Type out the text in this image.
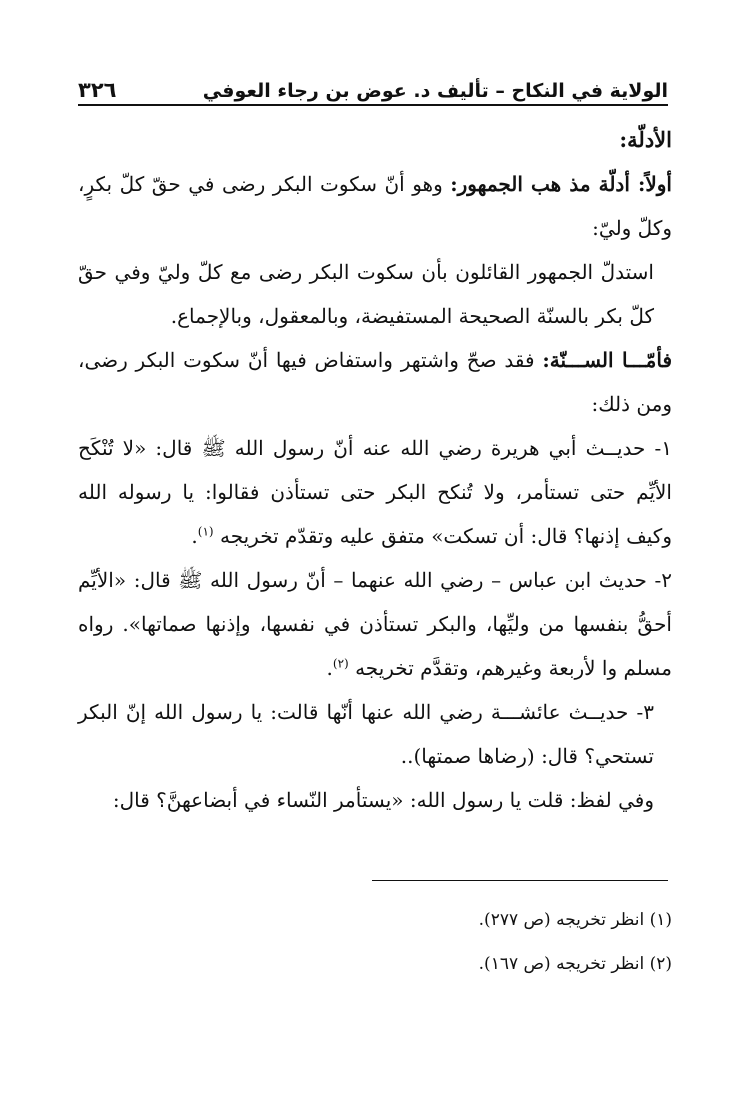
الولاية في النكاح – تأليف د. عوض بن رجاء العوفي
٣٢٦

الأدلّة:

أولاً: أدلّة مذ هب الجمهور: وهو أنّ سكوت البكر رضى في حقّ كلّ بكرٍ، وكلّ وليّ:

استدلّ الجمهور القائلون بأن سكوت البكر رضى مع كلّ وليّ وفي حقّ كلّ بكر بالسنّة الصحيحة المستفيضة، وبالمعقول، وبالإجماع.

فأمّـــا الســـنّة: فقد صحّ واشتهر واستفاض فيها أنّ سكوت البكر رضى، ومن ذلك:

١- حديــث أبي هريرة رضي الله عنه أنّ رسول الله ﷺ قال: «لا تُنْكَح الأيِّم حتى تستأمر، ولا تُنكح البكر حتى تستأذن فقالوا: يا رسوله الله وكيف إذنها؟ قال: أن تسكت» متفق عليه وتقدّم تخريجه $^{(١)}$.

٢- حديث ابن عباس – رضي الله عنهما – أنّ رسول الله ﷺ قال: «الأيِّم أحقُّ بنفسها من وليِّها، والبكر تستأذن في نفسها، وإذنها صماتها». رواه مسلم وا لأربعة وغيرهم، وتقدَّم تخريجه $^{(٢)}$.

٣- حديــث عائشـــة رضي الله عنها أنّها قالت: يا رسول الله إنّ البكر تستحي؟ قال: (رضاها صمتها)..

وفي لفظ: قلت يا رسول الله: «يستأمر النّساء في أبضاعهنَّ؟ قال:

(١) انظر تخريجه (ص ٢٧٧).

(٢) انظر تخريجه (ص ١٦٧).
